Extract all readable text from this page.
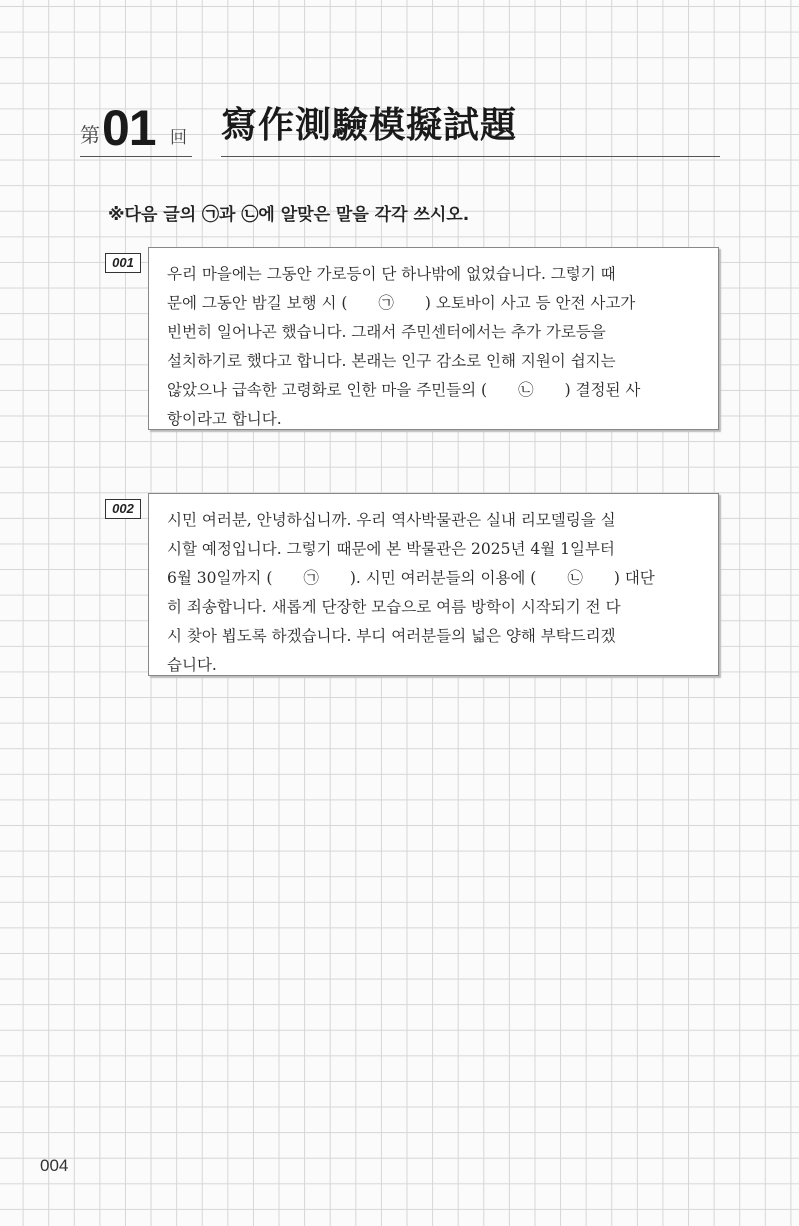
第 01 回 寫作測驗模擬試題
※다음 글의 ㉠과 ㉡에 알맞은 말을 각각 쓰시오.
001

우리 마을에는 그동안 가로등이 단 하나밖에 없었습니다. 그렇기 때

문에 그동안 밤길 보행 시 (　　㉠　　) 오토바이 사고 등 안전 사고가

빈번히 일어나곤 했습니다. 그래서 주민센터에서는 추가 가로등을

설치하기로 했다고 합니다. 본래는 인구 감소로 인해 지원이 쉽지는

않았으나 급속한 고령화로 인한 마을 주민들의 (　　㉡　　) 결정된 사

항이라고 합니다.

002

시민 여러분, 안녕하십니까. 우리 역사박물관은 실내 리모델링을 실

시할 예정입니다. 그렇기 때문에 본 박물관은 2025년 4월 1일부터

6월 30일까지 (　　㉠　　). 시민 여러분들의 이용에 (　　㉡　　) 대단

히 죄송합니다. 새롭게 단장한 모습으로 여름 방학이 시작되기 전 다

시 찾아 뵙도록 하겠습니다. 부디 여러분들의 넓은 양해 부탁드리겠

습니다.

004
